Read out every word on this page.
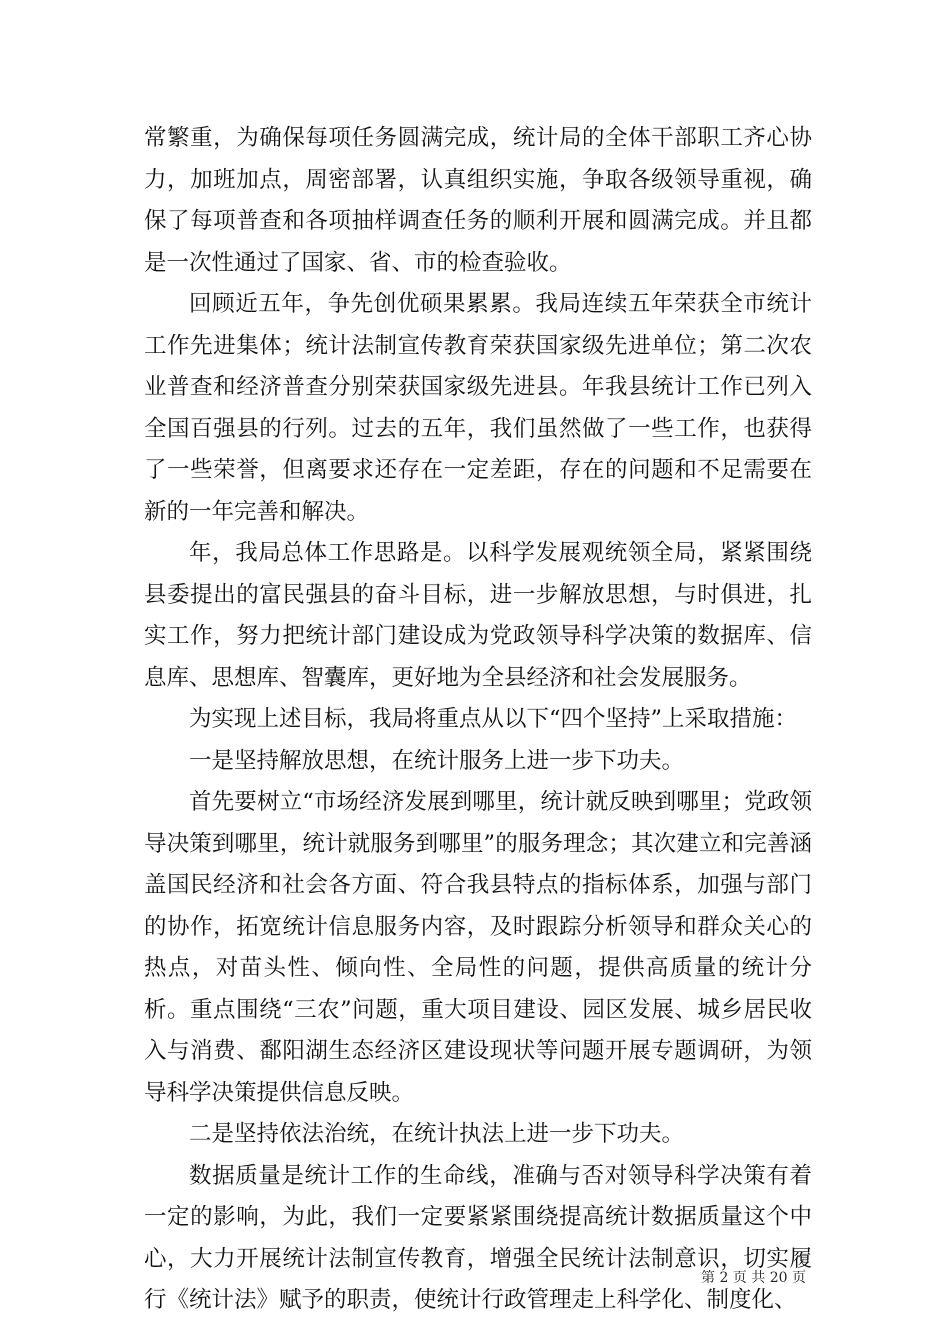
常繁重，为确保每项任务圆满完成，统计局的全体干部职工齐心协力，加班加点，周密部署，认真组织实施，争取各级领导重视，确保了每项普查和各项抽样调查任务的顺利开展和圆满完成。并且都是一次性通过了国家、省、市的检查验收。

回顾近五年，争先创优硕果累累。我局连续五年荣获全市统计工作先进集体；统计法制宣传教育荣获国家级先进单位；第二次农业普查和经济普查分别荣获国家级先进县。年我县统计工作已列入全国百强县的行列。过去的五年，我们虽然做了一些工作，也获得了一些荣誉，但离要求还存在一定差距，存在的问题和不足需要在新的一年完善和解决。

年，我局总体工作思路是。以科学发展观统领全局，紧紧围绕县委提出的富民强县的奋斗目标，进一步解放思想，与时俱进，扎实工作，努力把统计部门建设成为党政领导科学决策的数据库、信息库、思想库、智囊库，更好地为全县经济和社会发展服务。

为实现上述目标，我局将重点从以下“四个坚持”上采取措施：

一是坚持解放思想，在统计服务上进一步下功夫。

首先要树立“市场经济发展到哪里，统计就反映到哪里；党政领导决策到哪里，统计就服务到哪里”的服务理念；其次建立和完善涵盖国民经济和社会各方面、符合我县特点的指标体系，加强与部门的协作，拓宽统计信息服务内容，及时跟踪分析领导和群众关心的热点，对苗头性、倾向性、全局性的问题，提供高质量的统计分析。重点围绕“三农”问题，重大项目建设、园区发展、城乡居民收入与消费、鄱阳湖生态经济区建设现状等问题开展专题调研，为领导科学决策提供信息反映。

二是坚持依法治统，在统计执法上进一步下功夫。

数据质量是统计工作的生命线，准确与否对领导科学决策有着一定的影响，为此，我们一定要紧紧围绕提高统计数据质量这个中心，大力开展统计法制宣传教育，增强全民统计法制意识，切实履行《统计法》赋予的职责，使统计行政管理走上科学化、制度化、

第 2 页 共 20 页
